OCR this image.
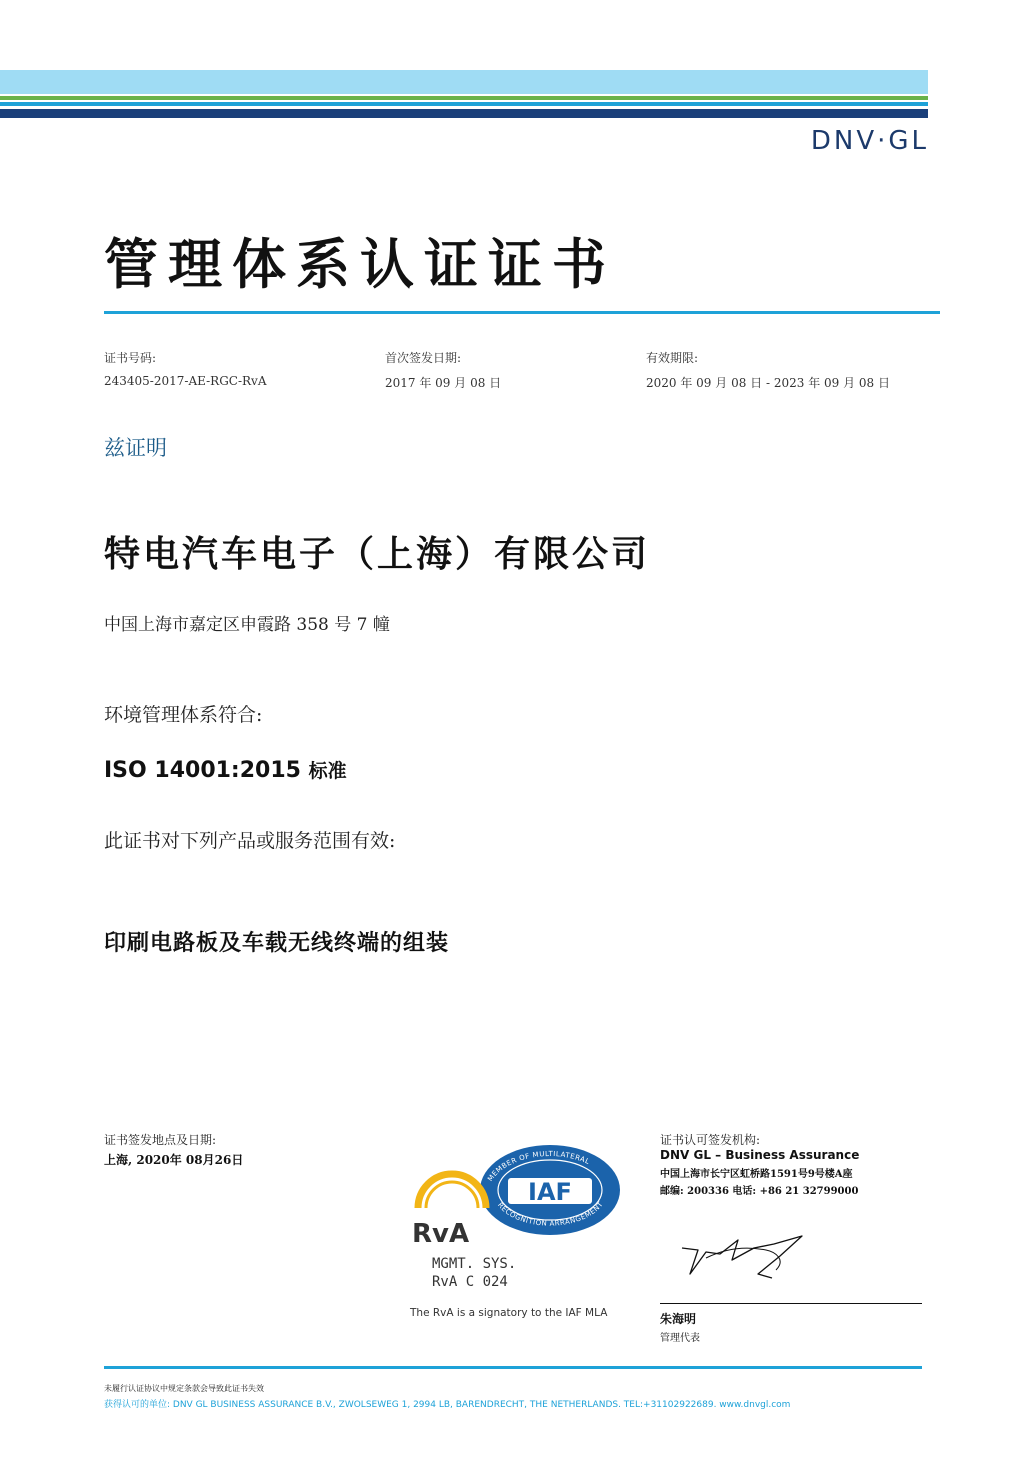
DNV·GL
管理体系认证证书
证书号码:
243405-2017-AE-RGC-RvA
首次签发日期:
2017 年 09 月 08 日
有效期限:
2020 年 09 月 08 日 - 2023 年 09 月 08 日
兹证明
特电汽车电子（上海）有限公司
中国上海市嘉定区申霞路 358 号 7 幢
环境管理体系符合:
ISO 14001:2015 标准
此证书对下列产品或服务范围有效:
印刷电路板及车载无线终端的组装
证书签发地点及日期:
上海, 2020年 08月26日
MEMBER OF MULTILATERAL
RECOGNITION ARRANGEMENT
IAF
RvA
MGMT. SYS.
RvA C 024
The RvA is a signatory to the IAF MLA
证书认可签发机构:
DNV GL – Business Assurance
中国上海市长宁区虹桥路1591号9号楼A座
邮编: 200336 电话: +86 21 32799000
朱海明
管理代表
未履行认证协议中规定条款会导致此证书失效
获得认可的单位: DNV GL BUSINESS ASSURANCE B.V., ZWOLSEWEG 1, 2994 LB, BARENDRECHT, THE NETHERLANDS. TEL:+31102922689. www.dnvgl.com
